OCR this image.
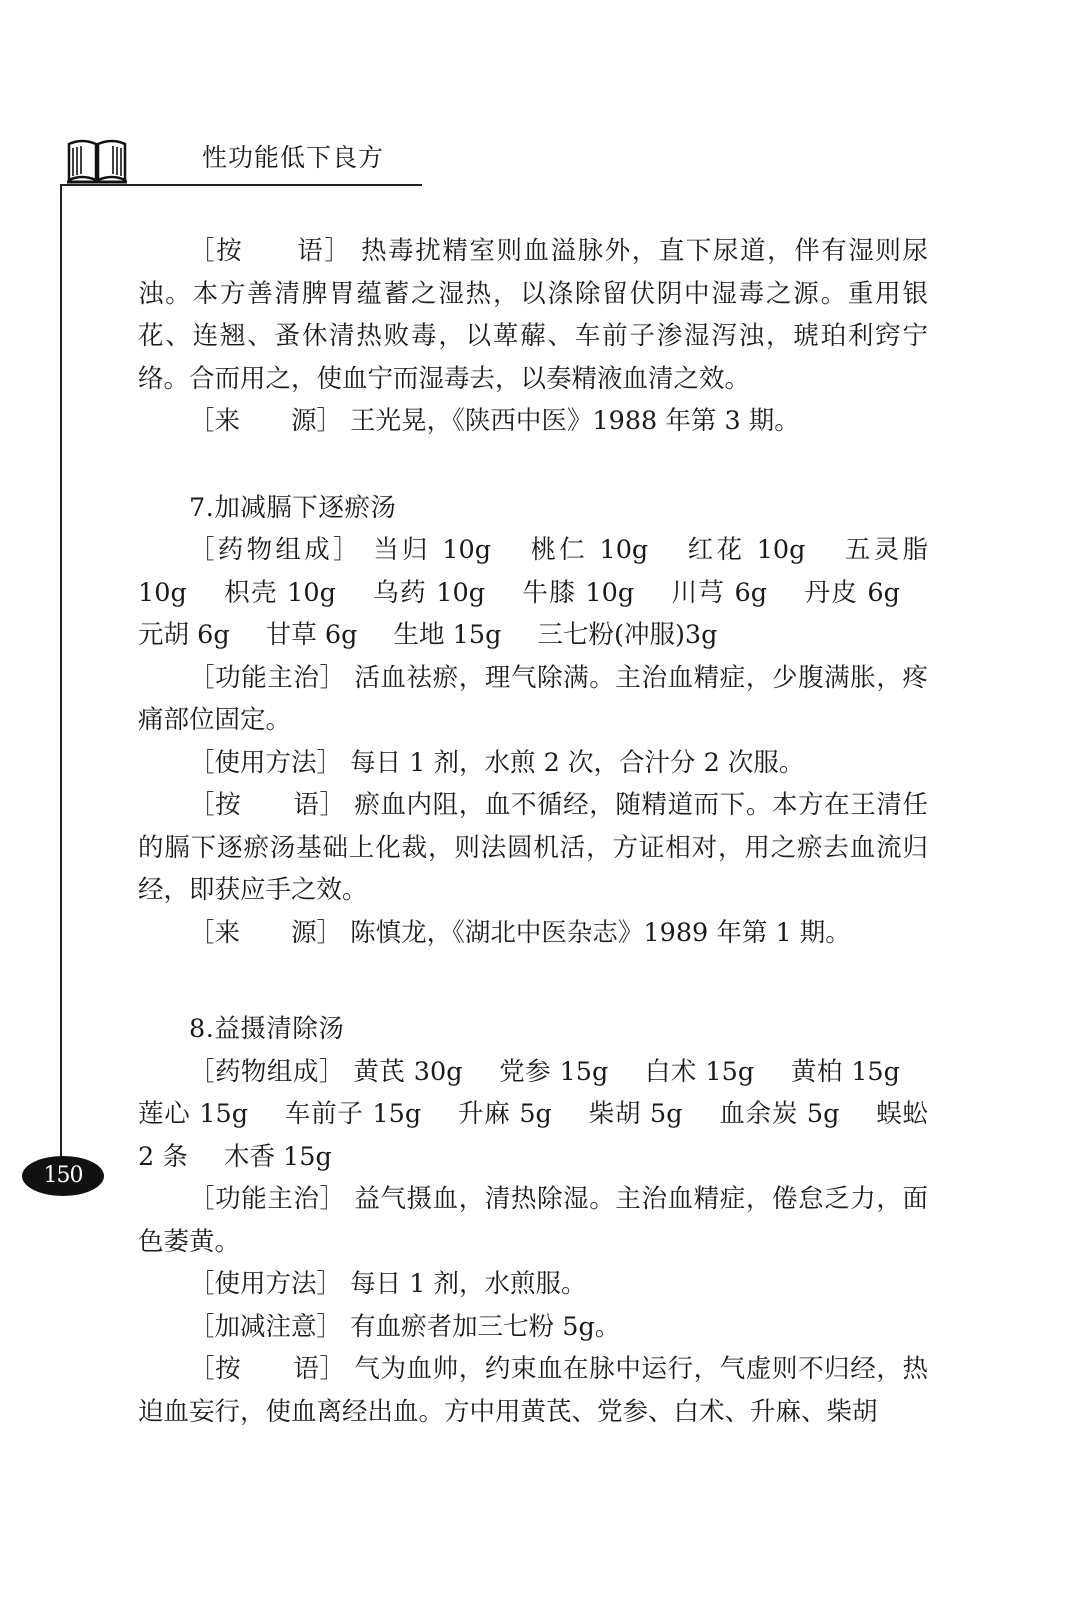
性功能低下良方
150

［按　　语］ 热毒扰精室则血溢脉外，直下尿道，伴有湿则尿浊。本方善清脾胃蕴蓄之湿热，以涤除留伏阴中湿毒之源。重用银花、连翘、蚤休清热败毒，以萆薢、车前子渗湿泻浊，琥珀利窍宁络。合而用之，使血宁而湿毒去，以奏精液血清之效。

［来　　源］ 王光晃，《陕西中医》1988 年第 3 期。

7.加减膈下逐瘀汤

［药物组成］ 当归 10g 桃仁 10g 红花 10g 五灵脂 10g 枳壳 10g 乌药 10g 牛膝 10g 川芎 6g 丹皮 6g 元胡 6g 甘草 6g 生地 15g 三七粉(冲服)3g

［功能主治］ 活血祛瘀，理气除满。主治血精症，少腹满胀，疼痛部位固定。

［使用方法］ 每日 1 剂，水煎 2 次，合汁分 2 次服。

［按　　语］ 瘀血内阻，血不循经，随精道而下。本方在王清任的膈下逐瘀汤基础上化裁，则法圆机活，方证相对，用之瘀去血流归经，即获应手之效。

［来　　源］ 陈慎龙，《湖北中医杂志》1989 年第 1 期。

8.益摄清除汤

［药物组成］ 黄芪 30g 党参 15g 白术 15g 黄柏 15g 莲心 15g 车前子 15g 升麻 5g 柴胡 5g 血余炭 5g 蜈蚣 2 条 木香 15g

［功能主治］ 益气摄血，清热除湿。主治血精症，倦怠乏力，面色萎黄。

［使用方法］ 每日 1 剂，水煎服。

［加减注意］ 有血瘀者加三七粉 5g。

［按　　语］ 气为血帅，约束血在脉中运行，气虚则不归经，热迫血妄行，使血离经出血。方中用黄芪、党参、白术、升麻、柴胡
